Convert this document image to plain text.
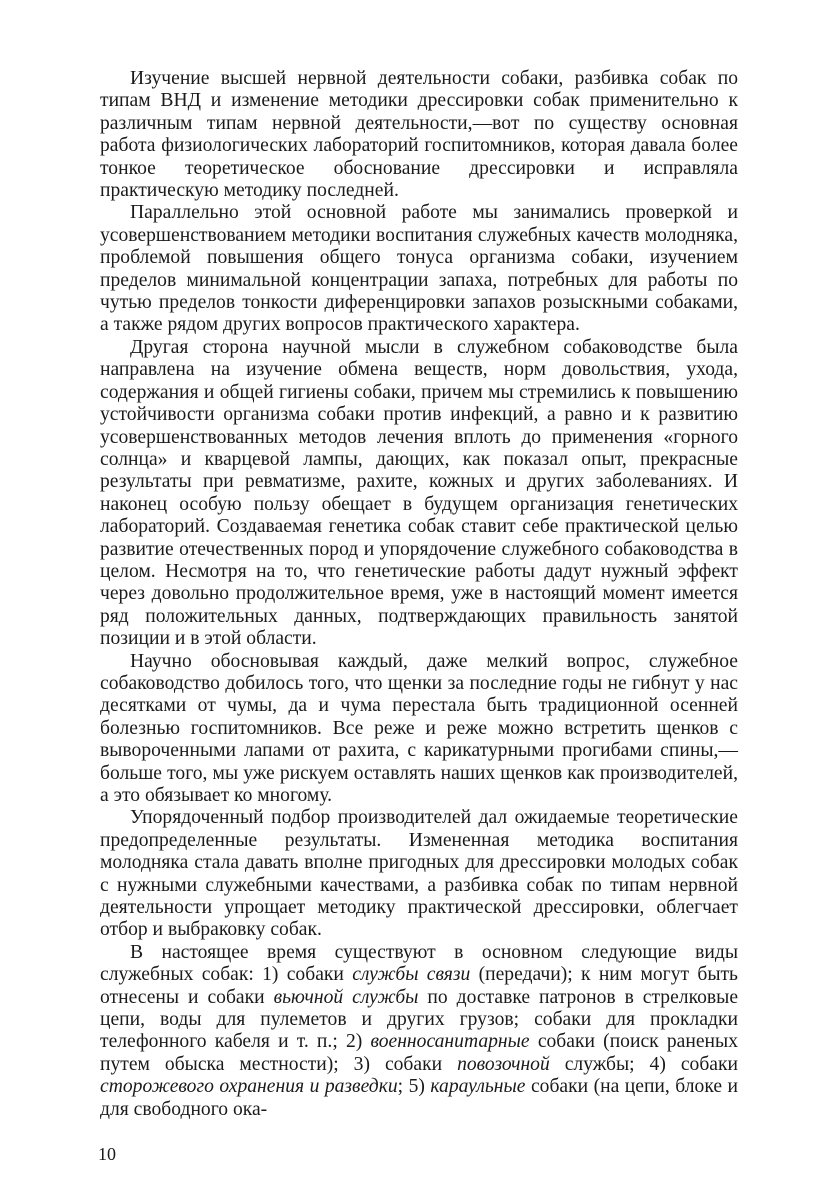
Изучение высшей нервной деятельности собаки, разбивка собак по типам ВНД и изменение методики дрессировки собак применительно к различным типам нервной деятельности,—вот по существу основная работа физиологических лабораторий госпитомников, которая давала более тонкое теоретическое обоснование дрессировки и исправляла практическую методику последней.

Параллельно этой основной работе мы занимались проверкой и усовершенствованием методики воспитания служебных качеств молодняка, проблемой повышения общего тонуса организма собаки, изучением пределов минимальной концентрации запаха, потребных для работы по чутью пределов тонкости диференцировки запахов розыскными собаками, а также рядом других вопросов практического характера.

Другая сторона научной мысли в служебном собаководстве была направлена на изучение обмена веществ, норм довольствия, ухода, содержания и общей гигиены собаки, причем мы стремились к повышению устойчивости организма собаки против инфекций, а равно и к развитию усовершенствованных методов лечения вплоть до применения «горного солнца» и кварцевой лампы, дающих, как показал опыт, прекрасные результаты при ревматизме, рахите, кожных и других заболеваниях. И наконец особую пользу обещает в будущем организация генетических лабораторий. Создаваемая генетика собак ставит себе практической целью развитие отечественных пород и упорядочение служебного собаководства в целом. Несмотря на то, что генетические работы дадут нужный эффект через довольно продолжительное время, уже в настоящий момент имеется ряд положительных данных, подтверждающих правильность занятой позиции и в этой области.

Научно обосновывая каждый, даже мелкий вопрос, служебное собаководство добилось того, что щенки за последние годы не гибнут у нас десятками от чумы, да и чума перестала быть традиционной осенней болезнью госпитомников. Все реже и реже можно встретить щенков с вывороченными лапами от рахита, с карикатурными прогибами спины,—больше того, мы уже рискуем оставлять наших щенков как производителей, а это обязывает ко многому.

Упорядоченный подбор производителей дал ожидаемые теоретические предопределенные результаты. Измененная методика воспитания молодняка стала давать вполне пригодных для дрессировки молодых собак с нужными служебными качествами, а разбивка собак по типам нервной деятельности упрощает методику практической дрессировки, облегчает отбор и выбраковку собак.

В настоящее время существуют в основном следующие виды служебных собак: 1) собаки службы связи (передачи); к ним могут быть отнесены и собаки вьючной службы по доставке патронов в стрелковые цепи, воды для пулеметов и других грузов; собаки для прокладки телефонного кабеля и т. п.; 2) военносанитарные собаки (поиск раненых путем обыска местности); 3) собаки повозочной службы; 4) собаки сторожевого охранения и разведки; 5) караульные собаки (на цепи, блоке и для свободного ока-

10
